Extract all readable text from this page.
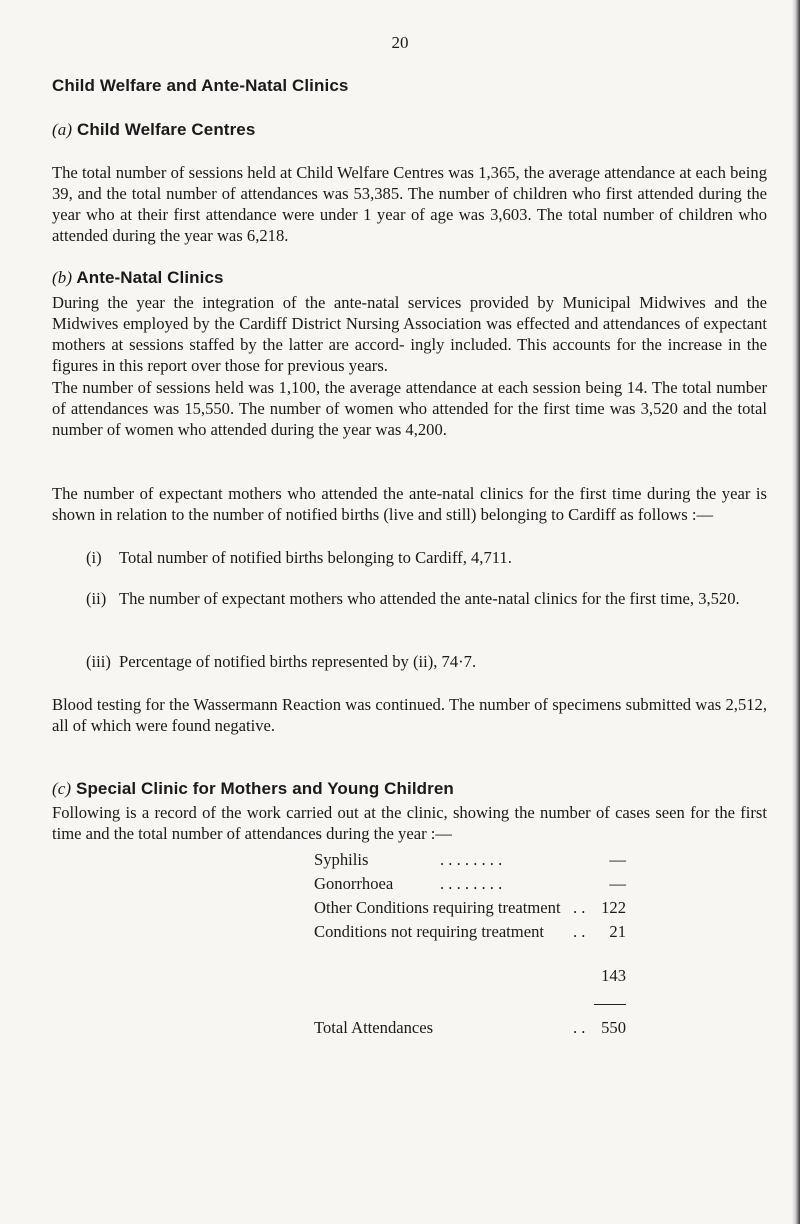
20
Child Welfare and Ante-Natal Clinics
(a) Child Welfare Centres
The total number of sessions held at Child Welfare Centres was 1,365, the average attendance at each being 39, and the total number of attendances was 53,385. The number of children who first attended during the year who at their first attendance were under 1 year of age was 3,603. The total number of children who attended during the year was 6,218.
(b) Ante-Natal Clinics
During the year the integration of the ante-natal services provided by Municipal Midwives and the Midwives employed by the Cardiff District Nursing Association was effected and attendances of expectant mothers at sessions staffed by the latter are accord- ingly included. This accounts for the increase in the figures in this report over those for previous years.
The number of sessions held was 1,100, the average attendance at each session being 14. The total number of attendances was 15,550. The number of women who attended for the first time was 3,520 and the total number of women who attended during the year was 4,200.
The number of expectant mothers who attended the ante-natal clinics for the first time during the year is shown in relation to the number of notified births (live and still) belonging to Cardiff as follows :—
(i) Total number of notified births belonging to Cardiff, 4,711.
(ii) The number of expectant mothers who attended the ante-natal clinics for the first time, 3,520.
(iii) Percentage of notified births represented by (ii), 74·7.
Blood testing for the Wassermann Reaction was continued. The number of specimens submitted was 2,512, all of which were found negative.
(c) Special Clinic for Mothers and Young Children
Following is a record of the work carried out at the clinic, showing the number of cases seen for the first time and the total number of attendances during the year :—
Syphilis	. . . . . . . .	—
Gonorrhoea	. . . . . . . .	—
Other Conditions requiring treatment . . 122
Conditions not requiring treatment . . 21
143
Total Attendances	. . 550
